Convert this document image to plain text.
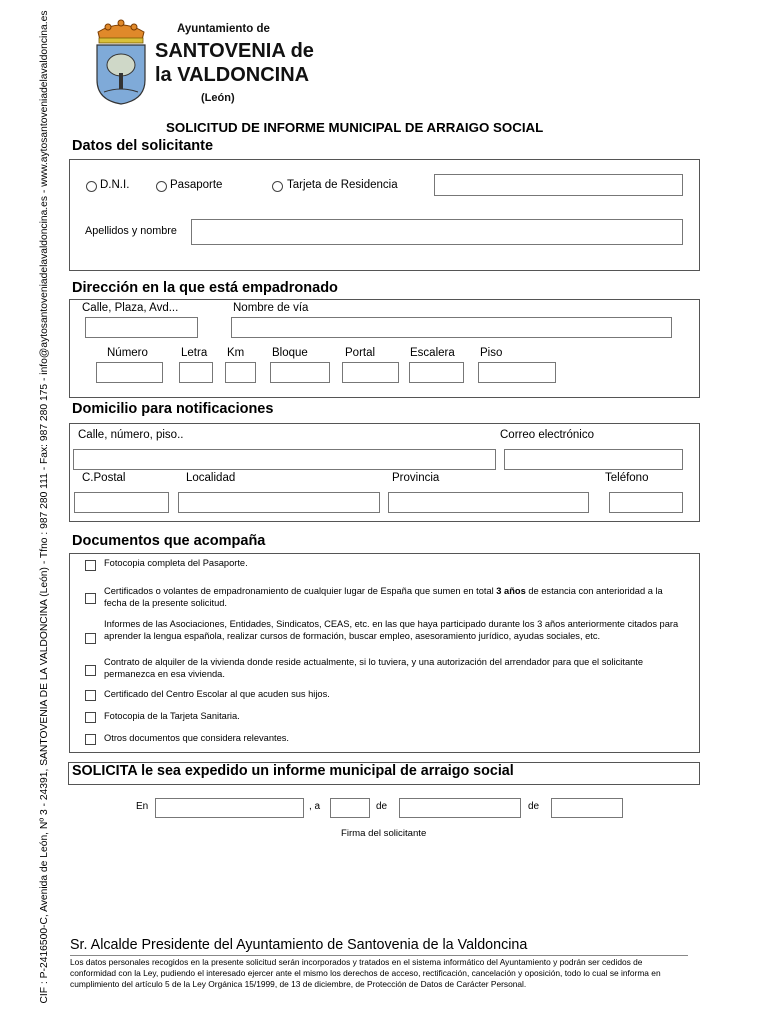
CIF : P-2416500-C, Avenida de León, Nº 3 - 24391, SANTOVENIA DE LA VALDONCINA (León) - Tfno : 987 280 111 - Fax: 987 280 175 - info@aytosantoveniadelavaldoncina.es - www.aytosantoveniadelavaldoncina.es	Ayuntamiento de
SANTOVENIA de
la VALDONCINA
(León)
SOLICITUD DE INFORME MUNICIPAL DE ARRAIGO SOCIAL
Datos del solicitante
D.N.I.	Pasaporte	Tarjeta de Residencia
Apellidos y nombre
Dirección en la que está empadronado
Calle, Plaza, Avd...	Nombre de vía
Número	Letra Km Bloque	Portal	Escalera Piso
Domicilio para notificaciones
Calle, número, piso..	Correo electrónico
C.Postal	Localidad	Provincia	Teléfono
Documentos que acompaña
Fotocopia completa del Pasaporte.
Certificados o volantes de empadronamiento de cualquier lugar de España que sumen en total 3 años de estancia con anterioridad a la fecha de la presente solicitud.
Informes de las Asociaciones, Entidades, Sindicatos, CEAS, etc. en las que haya participado durante los 3 años anteriormente citados para aprender la lengua española, realizar cursos de formación, buscar empleo, asesoramiento jurídico, ayudas sociales, etc.
Contrato de alquiler de la vivienda donde reside actualmente, si lo tuviera, y una autorización del arrendador para que el solicitante permanezca en esa vivienda.
Certificado del Centro Escolar al que acuden sus hijos.
Fotocopia de la Tarjeta Sanitaria.
Otros documentos que considera relevantes.
SOLICITA le sea expedido un informe municipal de arraigo social
En	, a	de	de
Firma del solicitante
Sr. Alcalde Presidente del Ayuntamiento de Santovenia de la Valdoncina
Los datos personales recogidos en la presente solicitud serán incorporados y tratados en el sistema informático del Ayuntamiento y podrán ser cedidos de conformidad con la Ley, pudiendo el interesado ejercer ante el mismo los derechos de acceso, rectificación, cancelación y oposición, todo lo cual se informa en cumplimiento del artículo 5 de la Ley Orgánica 15/1999, de 13 de diciembre, de Protección de Datos de Carácter Personal.
